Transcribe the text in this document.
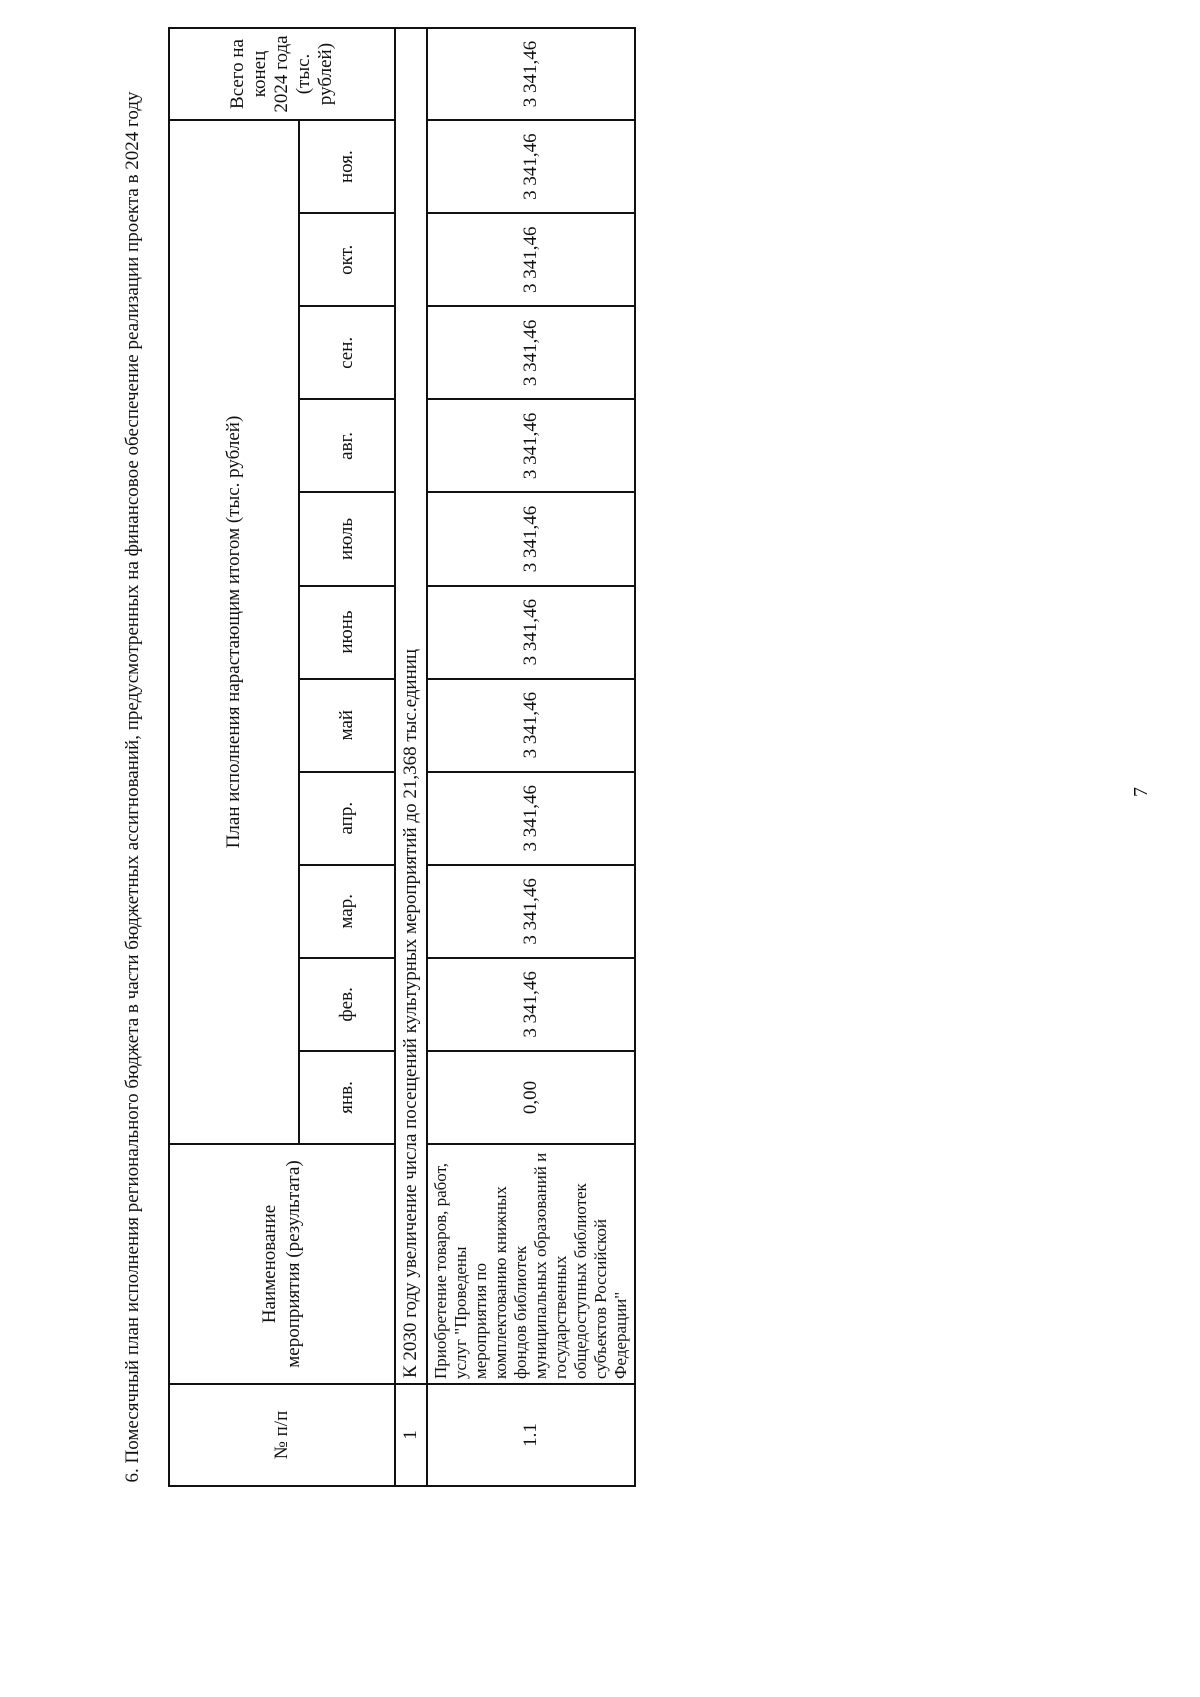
6. Помесячный план исполнения регионального бюджета в части бюджетных ассигнований, предусмотренных на финансовое обеспечение реализации проекта в 2024 году	№ п/п	Наименование мероприятия (результата)	План исполнения нарастающим итогом (тыс. рублей)											Всего на конец 2024 года (тыс. рублей)
		янв.	фев.	мар.	апр.	май	июнь	июль	авг.	сен.	окт.	ноя.	
1	К 2030 году увеличение числа посещений культурных мероприятий до 21,368 тыс.единиц												
1.1	Приобретение товаров, работ, услуг "Проведены мероприятия по комплектованию книжных фондов библиотек муниципальных образований и государственных общедоступных библиотек субъектов Российской Федерации"	0,00	3 341,46	3 341,46	3 341,46	3 341,46	3 341,46	3 341,46	3 341,46	3 341,46	3 341,46	3 341,46	3 341,46
7
